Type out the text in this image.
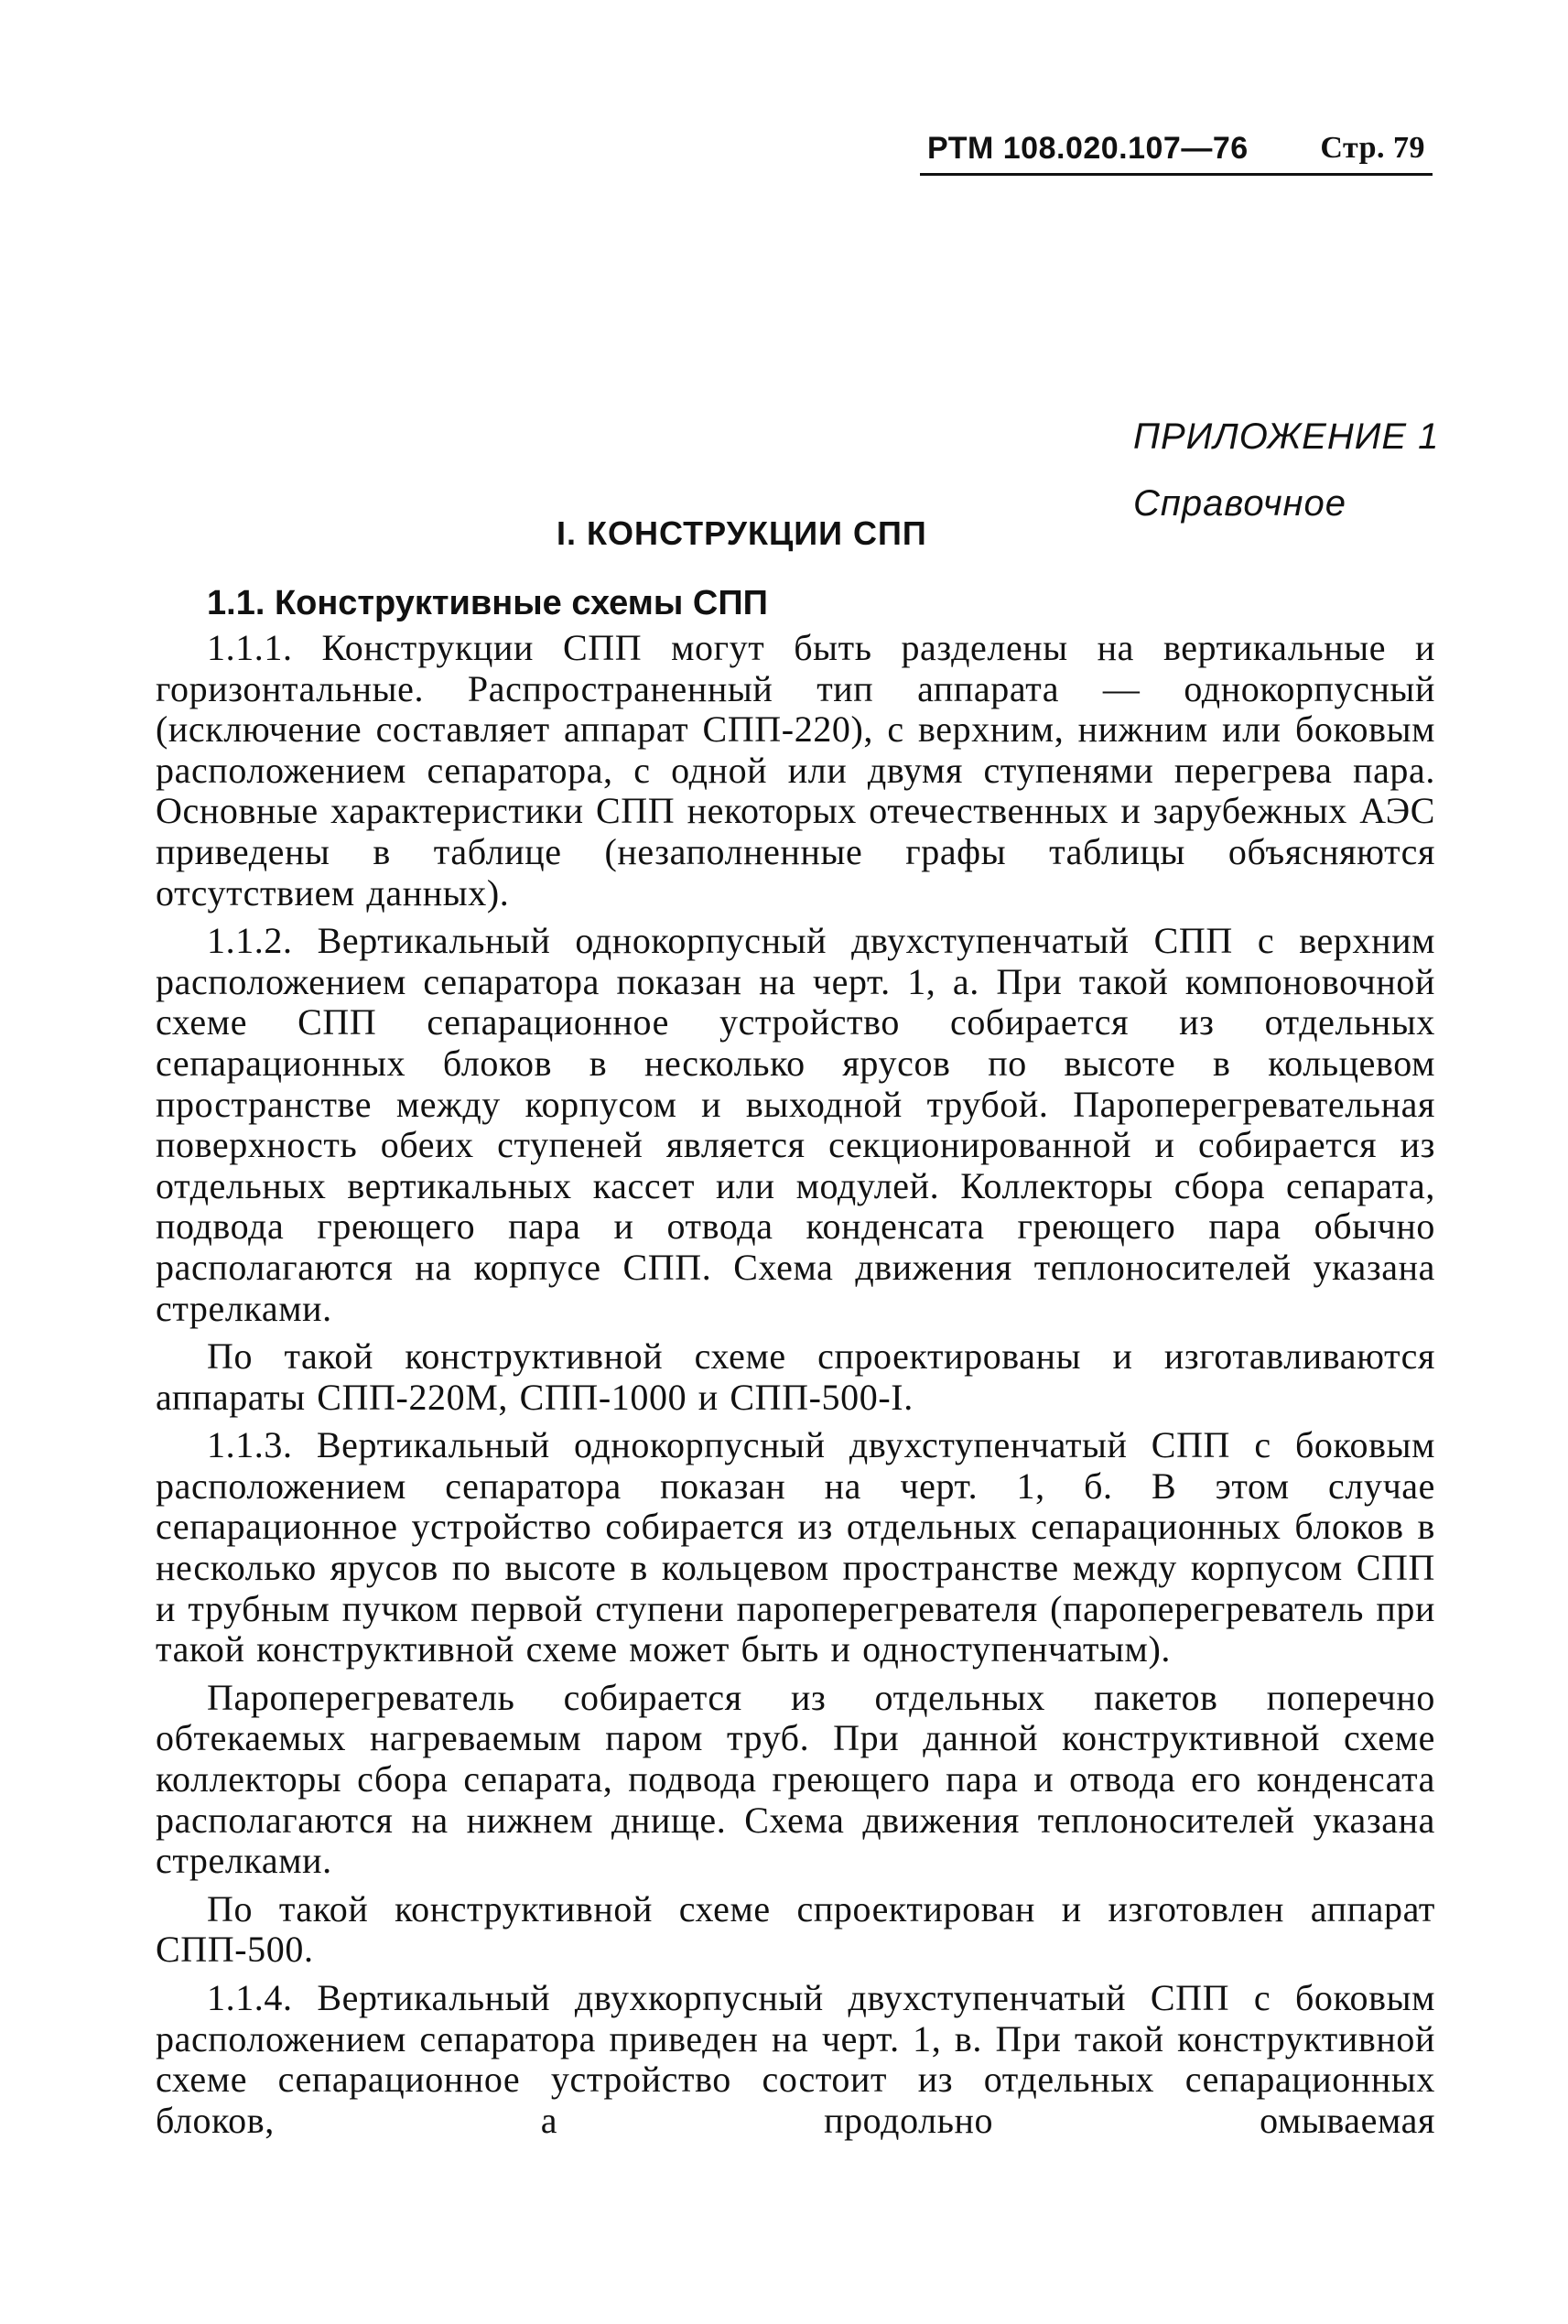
РТМ 108.020.107—76 Стр. 79
ПРИЛОЖЕНИЕ 1
Справочное
I. КОНСТРУКЦИИ СПП
1.1. Конструктивные схемы СПП

1.1.1. Конструкции СПП могут быть разделены на вертикальные и горизонтальные. Распространенный тип аппарата — однокорпусный (исключение составляет аппарат СПП-220), с верхним, нижним или боковым расположением сепаратора, с одной или двумя ступенями перегрева пара. Основные характеристики СПП некоторых отечественных и зарубежных АЭС приведены в таблице (незаполненные графы таблицы объясняются отсутствием данных).

1.1.2. Вертикальный однокорпусный двухступенчатый СПП с верхним расположением сепаратора показан на черт. 1, а. При такой компоновочной схеме СПП сепарационное устройство собирается из отдельных сепарационных блоков в несколько ярусов по высоте в кольцевом пространстве между корпусом и выходной трубой. Пароперегревательная поверхность обеих ступеней является секционированной и собирается из отдельных вертикальных кассет или модулей. Коллекторы сбора сепарата, подвода греющего пара и отвода конденсата греющего пара обычно располагаются на корпусе СПП. Схема движения теплоносителей указана стрелками.

По такой конструктивной схеме спроектированы и изготавливаются аппараты СПП-220М, СПП-1000 и СПП-500-I.

1.1.3. Вертикальный однокорпусный двухступенчатый СПП с боковым расположением сепаратора показан на черт. 1, б. В этом случае сепарационное устройство собирается из отдельных сепарационных блоков в несколько ярусов по высоте в кольцевом пространстве между корпусом СПП и трубным пучком первой ступени пароперегревателя (пароперегреватель при такой конструктивной схеме может быть и одноступенчатым).

Пароперегреватель собирается из отдельных пакетов поперечно обтекаемых нагреваемым паром труб. При данной конструктивной схеме коллекторы сбора сепарата, подвода греющего пара и отвода его конденсата располагаются на нижнем днище. Схема движения теплоносителей указана стрелками.

По такой конструктивной схеме спроектирован и изготовлен аппарат СПП-500.

1.1.4. Вертикальный двухкорпусный двухступенчатый СПП с боковым расположением сепаратора приведен на черт. 1, в. При такой конструктивной схеме сепарационное устройство состоит из отдельных сепарационных блоков, а продольно омываемая
